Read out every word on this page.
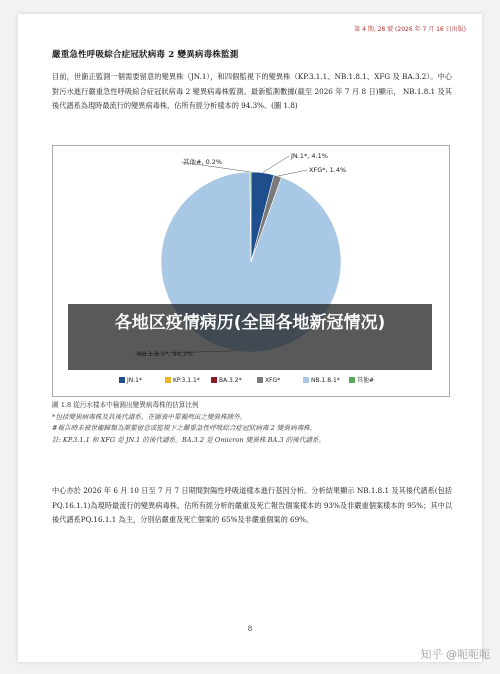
第 4 期, 28 號 (2026 年 7 月 16 日出版)
嚴重急性呼吸綜合症冠狀病毒 2 變異病毒株監測

目前，世衞正監測一個需要留意的變異株（JN.1），和四個監視下的變異株（KP.3.1.1、NB.1.8.1、XFG 及 BA.3.2）。中心對污水進行嚴重急性呼吸綜合症冠狀病毒 2 變異病毒株監測。最新監測數據(截至 2026 年 7 月 8 日)顯示， NB.1.8.1 及其後代譜系為現時最流行的變異病毒株，佔所有經分析樣本的 94.3%。(圖 1.8)

JN.1*, 4.1%
XFG*, 1.4%
其他#, 0.2%
JN.1*	KP.3.1.1*	BA.3.2*	XFG*	NB.1.8.1*	其他#
圖 1.8 從污水樣本中檢測出變異病毒株的估算比例
*包括變異病毒株及其後代譜系，在圖表中單獨列出之變異株除外。
#報告時未被世衞歸類為需要留意或監視下之嚴重急性呼吸綜合症冠狀病毒 2 變異病毒株。
註: KP.3.1.1 和 XFG 是 JN.1 的後代譜系。BA.3.2 是 Omicron 變異株 BA.3 的後代譜系。

中心亦於 2026 年 6 月 10 日至 7 月 7 日期間對陽性呼吸道樣本進行基因分析。分析結果顯示 NB.1.8.1 及其後代譜系(包括 PQ.16.1.1)為現時最流行的變異病毒株，佔所有經分析的嚴重及死亡報告個案樣本的 93%及非嚴重個案樣本的 95%；其中以後代譜系PQ.16.1.1 為主，分別佔嚴重及死亡個案的 65%及非嚴重個案的 69%。

8
各地区疫情病历(全国各地新冠情况)
知乎 @呃呃呃
